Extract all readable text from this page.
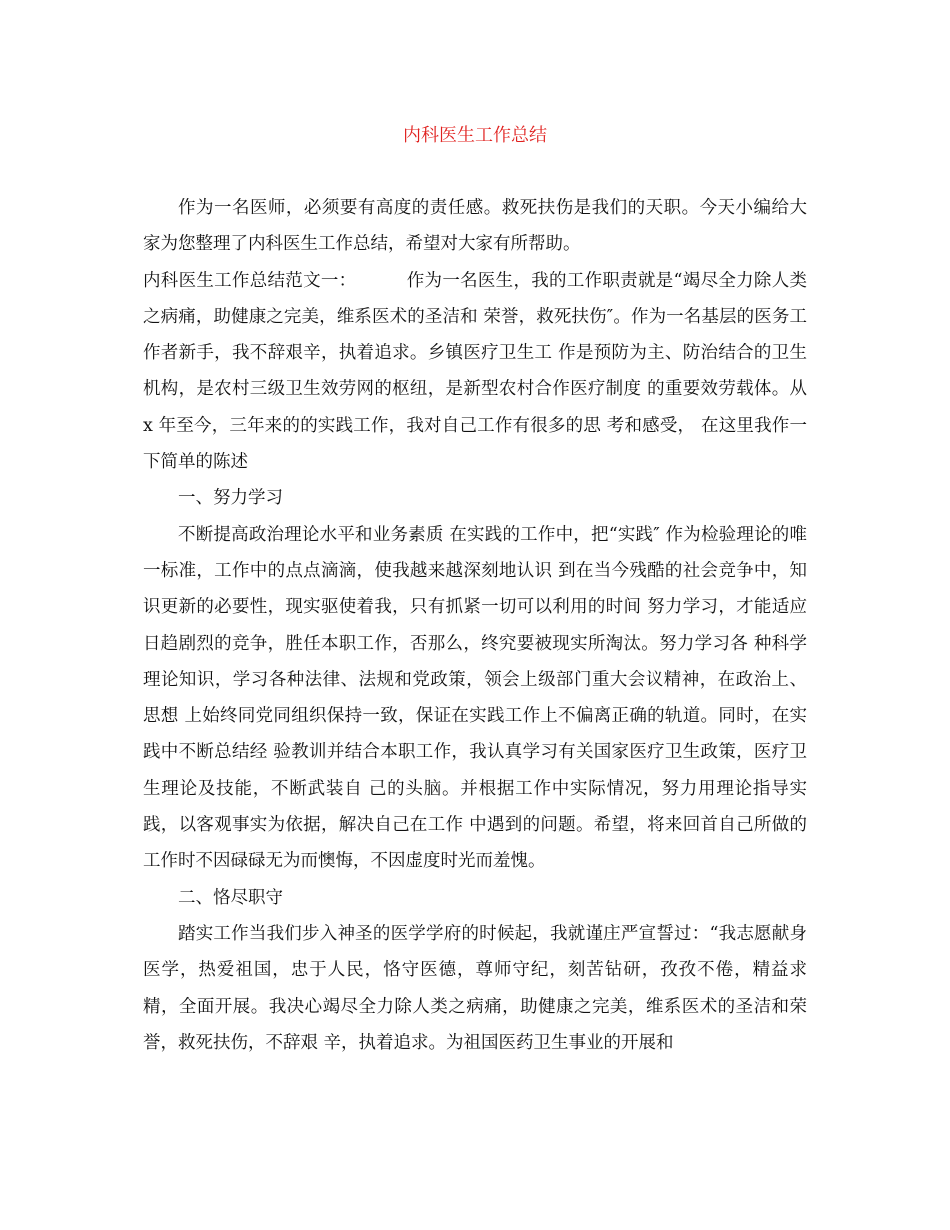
内科医生工作总结

作为一名医师，必须要有高度的责任感。救死扶伤是我们的天职。今天小编给大家为您整理了内科医生工作总结，希望对大家有所帮助。

内科医生工作总结范文一：	作为一名医生，我的工作职责就是“竭尽全力除人类之病痛，助健康之完美，维系医术的圣洁和 荣誉，救死扶伤″。作为一名基层的医务工作者新手，我不辞艰辛，执着追求。乡镇医疗卫生工 作是预防为主、防治结合的卫生机构，是农村三级卫生效劳网的枢纽，是新型农村合作医疗制度 的重要效劳载体。从 x 年至今，三年来的的实践工作，我对自己工作有很多的思 考和感受， 在这里我作一下简单的陈述

一、努力学习

不断提高政治理论水平和业务素质 在实践的工作中，把“实践″ 作为检验理论的唯一标准，工作中的点点滴滴，使我越来越深刻地认识 到在当今残酷的社会竞争中，知识更新的必要性，现实驱使着我，只有抓紧一切可以利用的时间 努力学习，才能适应日趋剧烈的竞争，胜任本职工作，否那么，终究要被现实所淘汰。努力学习各 种科学理论知识，学习各种法律、法规和党政策，领会上级部门重大会议精神，在政治上、思想 上始终同党同组织保持一致，保证在实践工作上不偏离正确的轨道。同时，在实践中不断总结经 验教训并结合本职工作，我认真学习有关国家医疗卫生政策，医疗卫生理论及技能，不断武装自 己的头脑。并根据工作中实际情况，努力用理论指导实践，以客观事实为依据，解决自己在工作 中遇到的问题。希望，将来回首自己所做的工作时不因碌碌无为而懊悔，不因虚度时光而羞愧。

二、恪尽职守

踏实工作当我们步入神圣的医学学府的时候起，我就谨庄严宣誓过：“我志愿献身医学，热爱祖国，忠于人民，恪守医德，尊师守纪，刻苦钻研，孜孜不倦，精益求精，全面开展。我决心竭尽全力除人类之病痛，助健康之完美，维系医术的圣洁和荣誉，救死扶伤，不辞艰 辛，执着追求。为祖国医药卫生事业的开展和
